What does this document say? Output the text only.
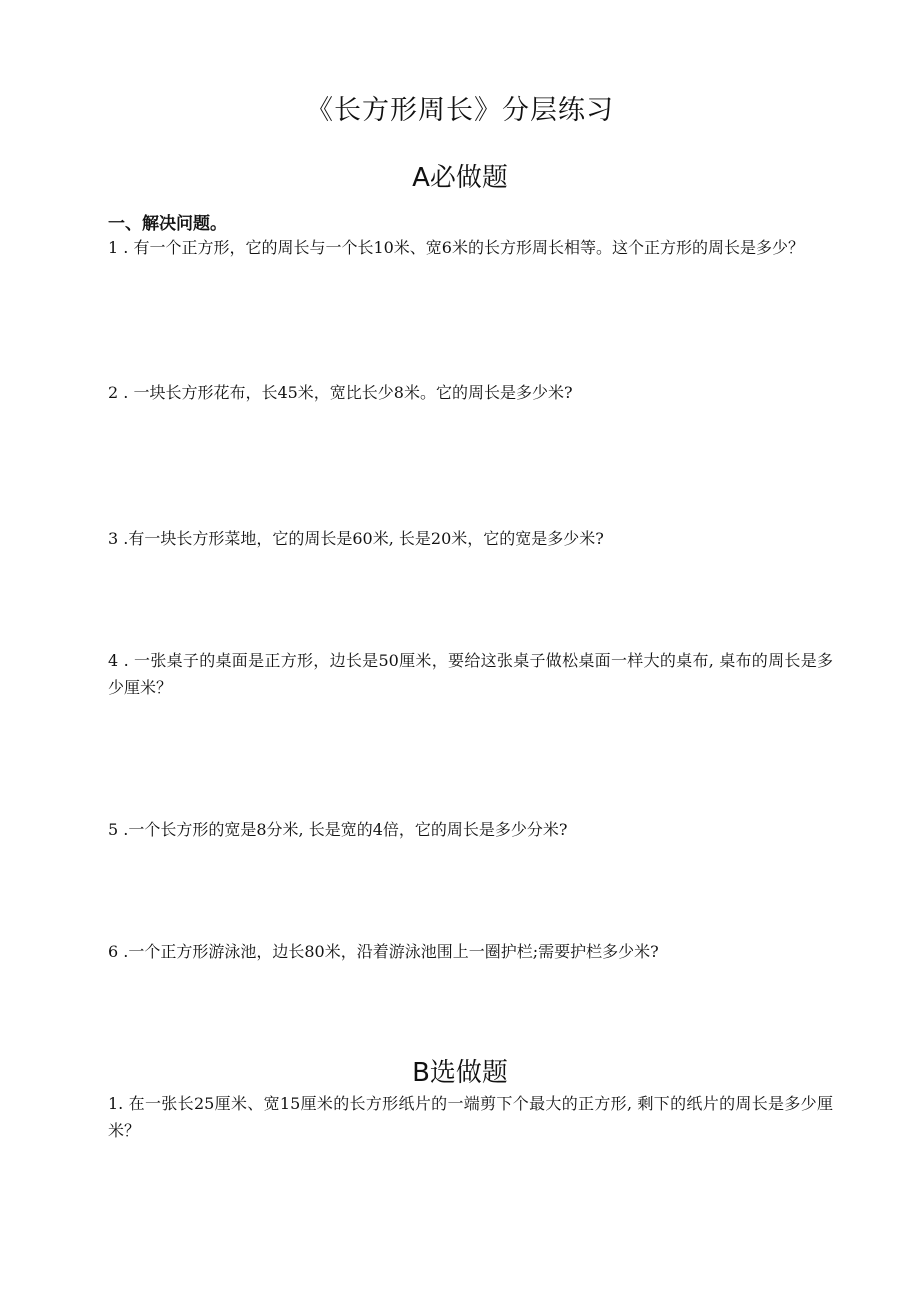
《长方形周长》分层练习
A必做题
一、解决问题。
1 . 有一个正方形，它的周长与一个长10米、宽6米的长方形周长相等。这个正方形的周长是多少？
2 . 一块长方形花布，长45米，宽比长少8米。它的周长是多少米?
3 .有一块长方形菜地，它的周长是60米, 长是20米，它的宽是多少米?
4 . 一张桌子的桌面是正方形，边长是50厘米，要给这张桌子做松桌面一样大的桌布, 桌布的周长是多少厘米？
5 .一个长方形的宽是8分米, 长是宽的4倍，它的周长是多少分米?
6 .一个正方形游泳池，边长80米，沿着游泳池围上一圈护栏;需要护栏多少米?
B选做题
1. 在一张长25厘米、宽15厘米的长方形纸片的一端剪下个最大的正方形, 剩下的纸片的周长是多少厘米？
